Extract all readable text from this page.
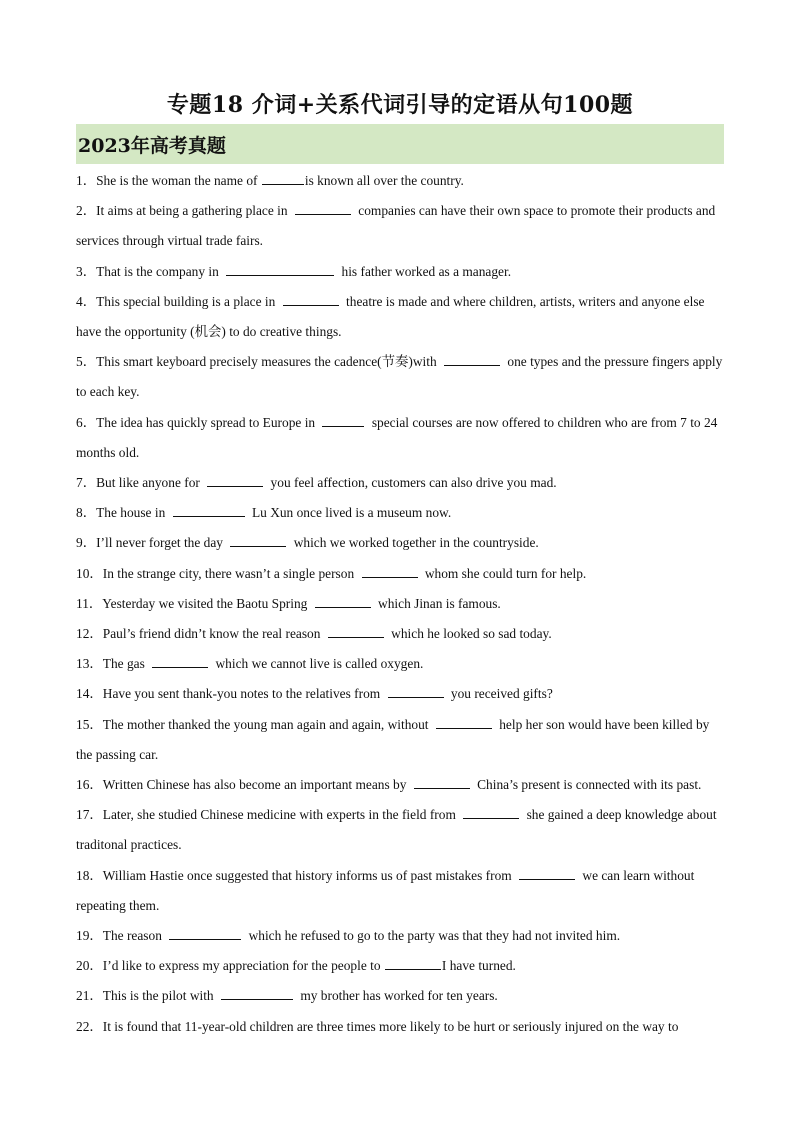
专题18 介词+关系代词引导的定语从句100题
2023年高考真题
1．She is the woman the name of	is known all over the country.
2．It aims at being a gathering place in	companies can have their own space to promote their products and services through virtual trade fairs.
3．That is the company in	his father worked as a manager.
4．This special building is a place in	theatre is made and where children, artists, writers and anyone else have the opportunity (机会) to do creative things.
5．This smart keyboard precisely measures the cadence(节奏)with	one types and the pressure fingers apply to each key.
6．The idea has quickly spread to Europe in	special courses are now offered to children who are from 7 to 24 months old.
7．But like anyone for	you feel affection, customers can also drive you mad.
8．The house in	Lu Xun once lived is a museum now.
9．I’ll never forget the day	which we worked together in the countryside.
10．In the strange city, there wasn’t a single person	whom she could turn for help.
11．Yesterday we visited the Baotu Spring	which Jinan is famous.
12．Paul’s friend didn’t know the real reason	which he looked so sad today.
13．The gas	which we cannot live is called oxygen.
14．Have you sent thank-you notes to the relatives from	you received gifts?
15．The mother thanked the young man again and again, without	help her son would have been killed by the passing car.
16．Written Chinese has also become an important means by	China’s present is connected with its past.
17．Later, she studied Chinese medicine with experts in the field from	she gained a deep knowledge about traditonal practices.
18．William Hastie once suggested that history informs us of past mistakes from	we can learn without repeating them.
19．The reason	which he refused to go to the party was that they had not invited him.
20．I’d like to express my appreciation for the people to	I have turned.
21．This is the pilot with	my brother has worked for ten years.
22．It is found that 11-year-old children are three times more likely to be hurt or seriously injured on the way to
